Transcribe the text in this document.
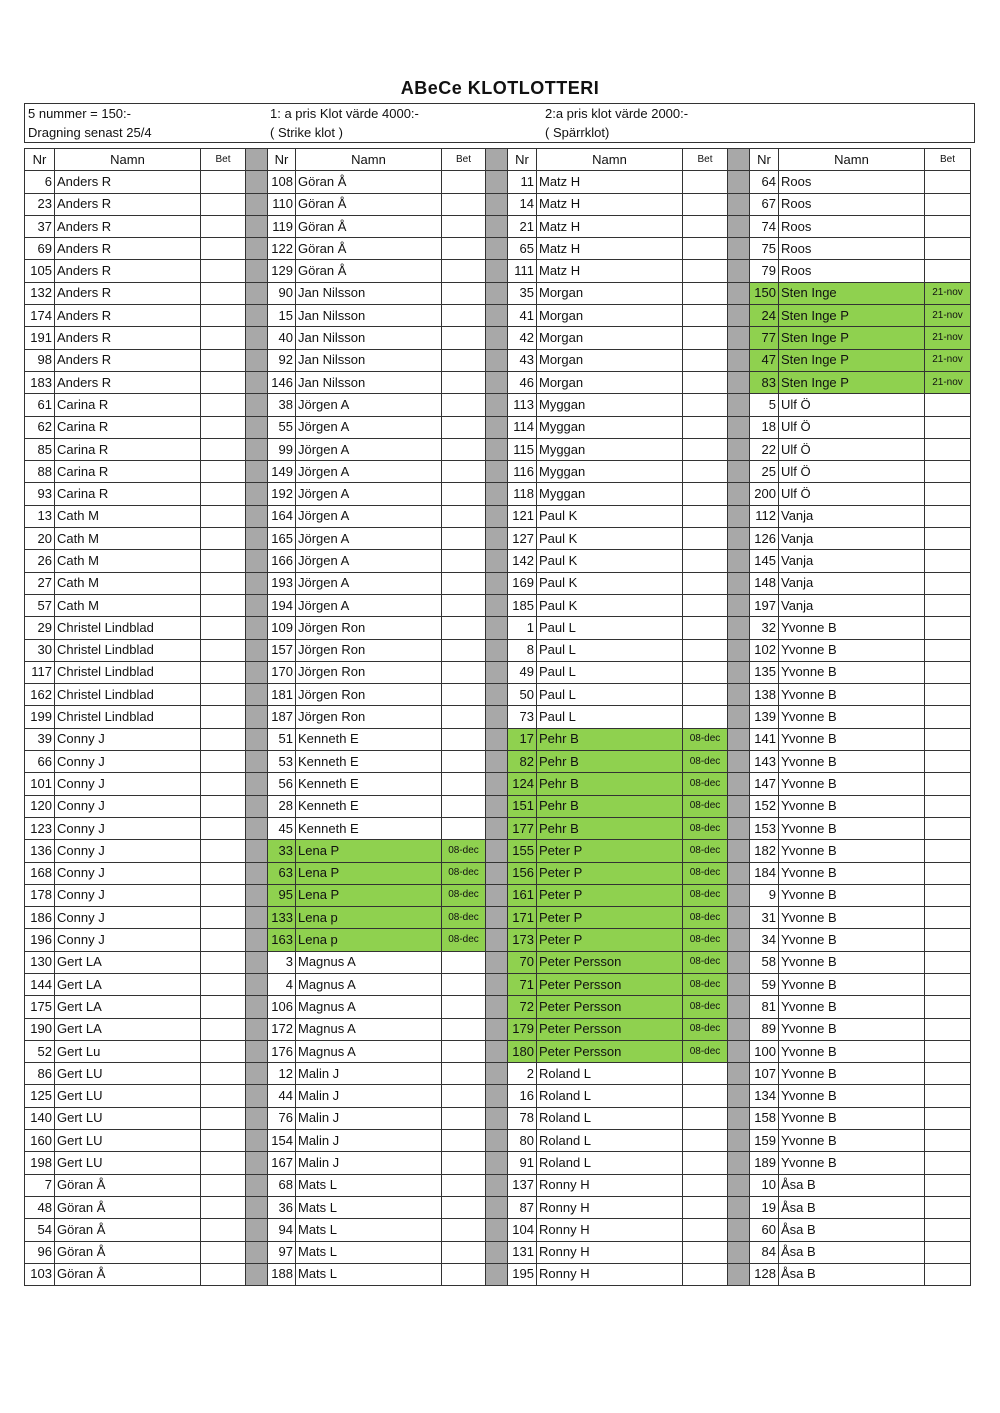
ABeCe KLOTLOTTERI
5 nummer = 150:-
Dragning senast 25/4
1: a pris Klot värde 4000:-
( Strike klot )
2:a pris klot värde 2000:-
( Spärrklot)
Nr	Namn	Bet		Nr	Namn	Bet		Nr	Namn	Bet		Nr	Namn	Bet
6	Anders R			108	Göran Å			11	Matz H			64	Roos	
23	Anders R			110	Göran Å			14	Matz H			67	Roos	
37	Anders R			119	Göran Å			21	Matz H			74	Roos	
69	Anders R			122	Göran Å			65	Matz H			75	Roos	
105	Anders R			129	Göran Å			111	Matz H			79	Roos	
132	Anders R			90	Jan Nilsson			35	Morgan			150	Sten Inge	21-nov
174	Anders R			15	Jan Nilsson			41	Morgan			24	Sten Inge P	21-nov
191	Anders R			40	Jan Nilsson			42	Morgan			77	Sten Inge P	21-nov
98	Anders R			92	Jan Nilsson			43	Morgan			47	Sten Inge P	21-nov
183	Anders R			146	Jan Nilsson			46	Morgan			83	Sten Inge P	21-nov
61	Carina R			38	Jörgen A			113	Myggan			5	Ulf Ö	
62	Carina R			55	Jörgen A			114	Myggan			18	Ulf Ö	
85	Carina R			99	Jörgen A			115	Myggan			22	Ulf Ö	
88	Carina R			149	Jörgen A			116	Myggan			25	Ulf Ö	
93	Carina R			192	Jörgen A			118	Myggan			200	Ulf Ö	
13	Cath M			164	Jörgen A			121	Paul K			112	Vanja	
20	Cath M			165	Jörgen A			127	Paul K			126	Vanja	
26	Cath M			166	Jörgen A			142	Paul K			145	Vanja	
27	Cath M			193	Jörgen A			169	Paul K			148	Vanja	
57	Cath M			194	Jörgen A			185	Paul K			197	Vanja	
29	Christel Lindblad			109	Jörgen Ron			1	Paul L			32	Yvonne B	
30	Christel Lindblad			157	Jörgen Ron			8	Paul L			102	Yvonne B	
117	Christel Lindblad			170	Jörgen Ron			49	Paul L			135	Yvonne B	
162	Christel Lindblad			181	Jörgen Ron			50	Paul L			138	Yvonne B	
199	Christel Lindblad			187	Jörgen Ron			73	Paul L			139	Yvonne B	
39	Conny J			51	Kenneth E			17	Pehr B	08-dec		141	Yvonne B	
66	Conny J			53	Kenneth E			82	Pehr B	08-dec		143	Yvonne B	
101	Conny J			56	Kenneth E			124	Pehr B	08-dec		147	Yvonne B	
120	Conny J			28	Kenneth E			151	Pehr B	08-dec		152	Yvonne B	
123	Conny J			45	Kenneth E			177	Pehr B	08-dec		153	Yvonne B	
136	Conny J			33	Lena P	08-dec		155	Peter P	08-dec		182	Yvonne B	
168	Conny J			63	Lena P	08-dec		156	Peter P	08-dec		184	Yvonne B	
178	Conny J			95	Lena P	08-dec		161	Peter P	08-dec		9	Yvonne B	
186	Conny J			133	Lena p	08-dec		171	Peter P	08-dec		31	Yvonne B	
196	Conny J			163	Lena p	08-dec		173	Peter P	08-dec		34	Yvonne B	
130	Gert LA			3	Magnus A			70	Peter Persson	08-dec		58	Yvonne B	
144	Gert LA			4	Magnus A			71	Peter Persson	08-dec		59	Yvonne B	
175	Gert LA			106	Magnus A			72	Peter Persson	08-dec		81	Yvonne B	
190	Gert LA			172	Magnus A			179	Peter Persson	08-dec		89	Yvonne B	
52	Gert Lu			176	Magnus A			180	Peter Persson	08-dec		100	Yvonne B	
86	Gert LU			12	Malin J			2	Roland L			107	Yvonne B	
125	Gert LU			44	Malin J			16	Roland L			134	Yvonne B	
140	Gert LU			76	Malin J			78	Roland L			158	Yvonne B	
160	Gert LU			154	Malin J			80	Roland L			159	Yvonne B	
198	Gert LU			167	Malin J			91	Roland L			189	Yvonne B	
7	Göran Å			68	Mats L			137	Ronny H			10	Åsa B	
48	Göran Å			36	Mats L			87	Ronny H			19	Åsa B	
54	Göran Å			94	Mats L			104	Ronny H			60	Åsa B	
96	Göran Å			97	Mats L			131	Ronny H			84	Åsa B	
103	Göran Å			188	Mats L			195	Ronny H			128	Åsa B	
